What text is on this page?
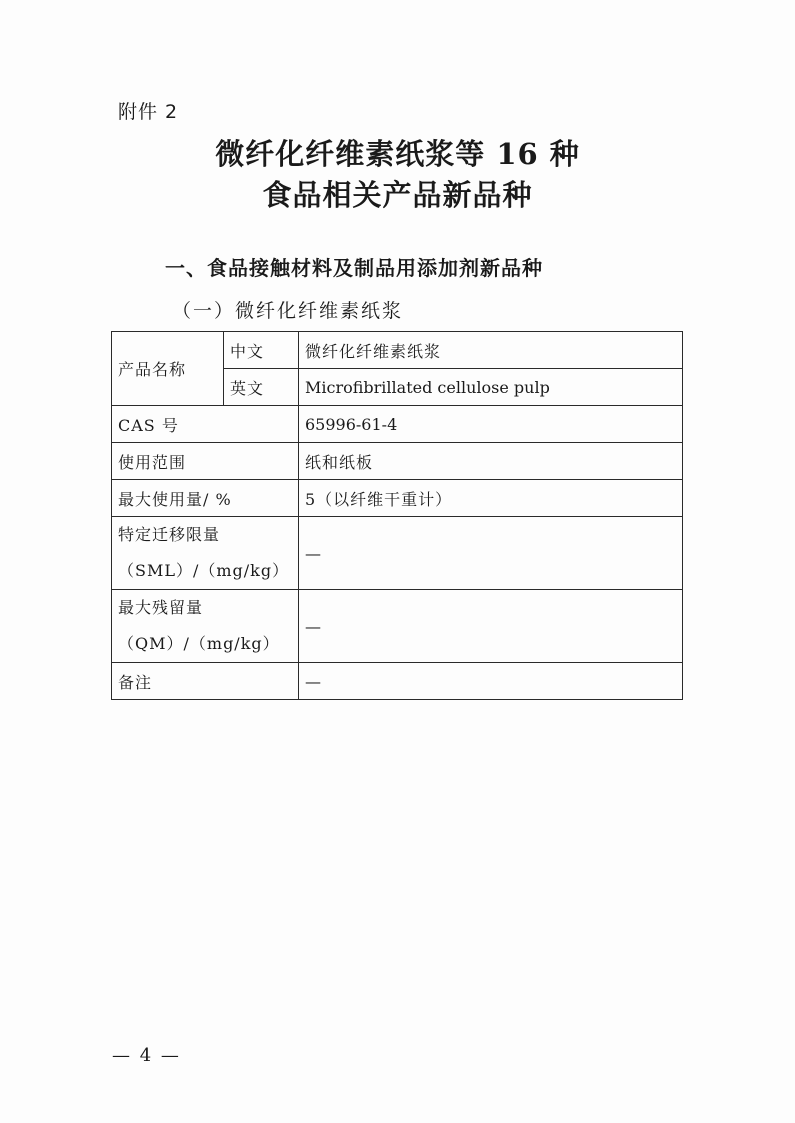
附件 2
微纤化纤维素纸浆等 16 种
食品相关产品新品种
一、食品接触材料及制品用添加剂新品种
（一）微纤化纤维素纸浆
产品名称	中文	微纤化纤维素纸浆
	英文	Microfibrillated cellulose pulp
CAS 号		65996-61-4
使用范围		纸和纸板
最大使用量/ %		5（以纤维干重计）

特定迁移限量
（SML）/（mg/kg）		—

最大残留量
（QM）/（mg/kg）		—
备注		—
— 4 —
